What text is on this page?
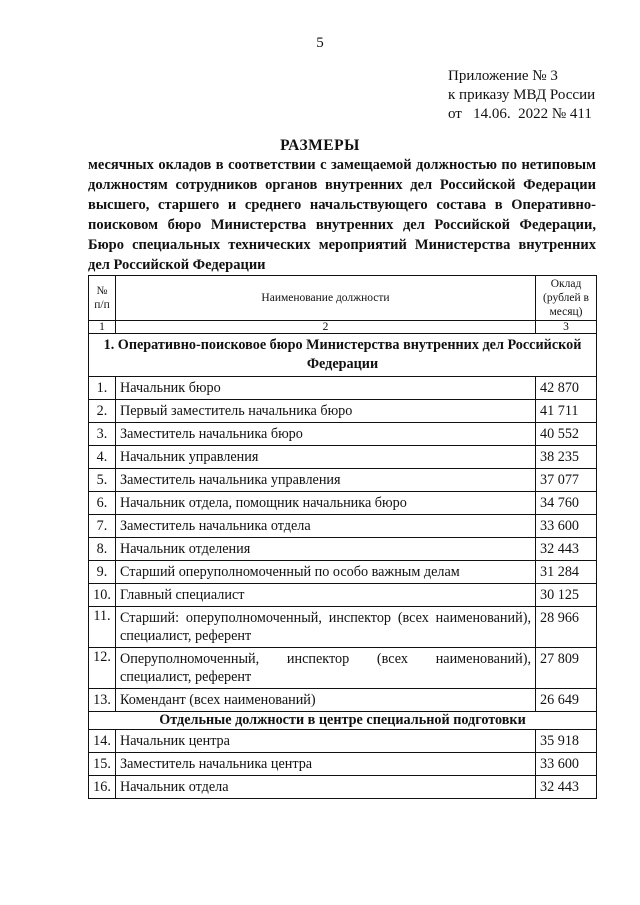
5
Приложение № 3
к приказу МВД России
от   14.06.  2022 № 411
РАЗМЕРЫ
месячных окладов в соответствии с замещаемой должностью по нетиповым должностям сотрудников органов внутренних дел Российской Федерации высшего, старшего и среднего начальствующего состава в Оперативно-поисковом бюро Министерства внутренних дел Российской Федерации, Бюро специальных технических мероприятий Министерства внутренних дел Российской Федерации
№ п/п	Наименование должности	Оклад (рублей в месяц)
1	2	3
1. Оперативно-поисковое бюро Министерства внутренних дел Российской Федерации		
1.	Начальник бюро	42 870
2.	Первый заместитель начальника бюро	41 711
3.	Заместитель начальника бюро	40 552
4.	Начальник управления	38 235
5.	Заместитель начальника управления	37 077
6.	Начальник отдела, помощник начальника бюро	34 760
7.	Заместитель начальника отдела	33 600
8.	Начальник отделения	32 443
9.	Старший оперуполномоченный по особо важным делам	31 284
10.	Главный специалист	30 125
11.	Старший: оперуполномоченный, инспектор (всех наименований), специалист, референт	28 966
12.	Оперуполномоченный, инспектор (всех наименований), специалист, референт	27 809
13.	Комендант (всех наименований)	26 649
Отдельные должности в центре специальной подготовки		
14.	Начальник центра	35 918
15.	Заместитель начальника центра	33 600
16.	Начальник отдела	32 443
